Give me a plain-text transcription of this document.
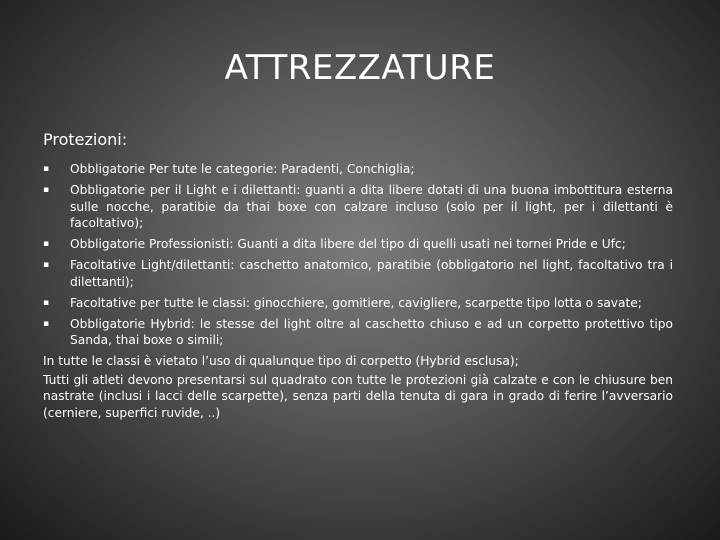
ATTREZZATURE
Protezioni:
▪ Obbligatorie Per tute le categorie: Paradenti, Conchiglia;
▪ Obbligatorie per il Light e i dilettanti: guanti a dita libere dotati di una buona imbottitura esterna sulle nocche, paratibie da thai boxe con calzare incluso (solo per il light, per i dilettanti è facoltativo);
▪ Obbligatorie Professionisti: Guanti a dita libere del tipo di quelli usati nei tornei Pride e Ufc;
▪ Facoltative Light/dilettanti: caschetto anatomico, paratibie (obbligatorio nel light, facoltativo tra i dilettanti);
▪ Facoltative per tutte le classi: ginocchiere, gomitiere, cavigliere, scarpette tipo lotta o savate;
▪ Obbligatorie Hybrid: le stesse del light oltre al caschetto chiuso e ad un corpetto protettivo tipo Sanda, thai boxe o simili;

In tutte le classi è vietato l’uso di qualunque tipo di corpetto (Hybrid esclusa);

Tutti gli atleti devono presentarsi sul quadrato con tutte le protezioni già calzate e con le chiusure ben nastrate (inclusi i lacci delle scarpette), senza parti della tenuta di gara in grado di ferire l’avversario (cerniere, superfici ruvide, ..)
